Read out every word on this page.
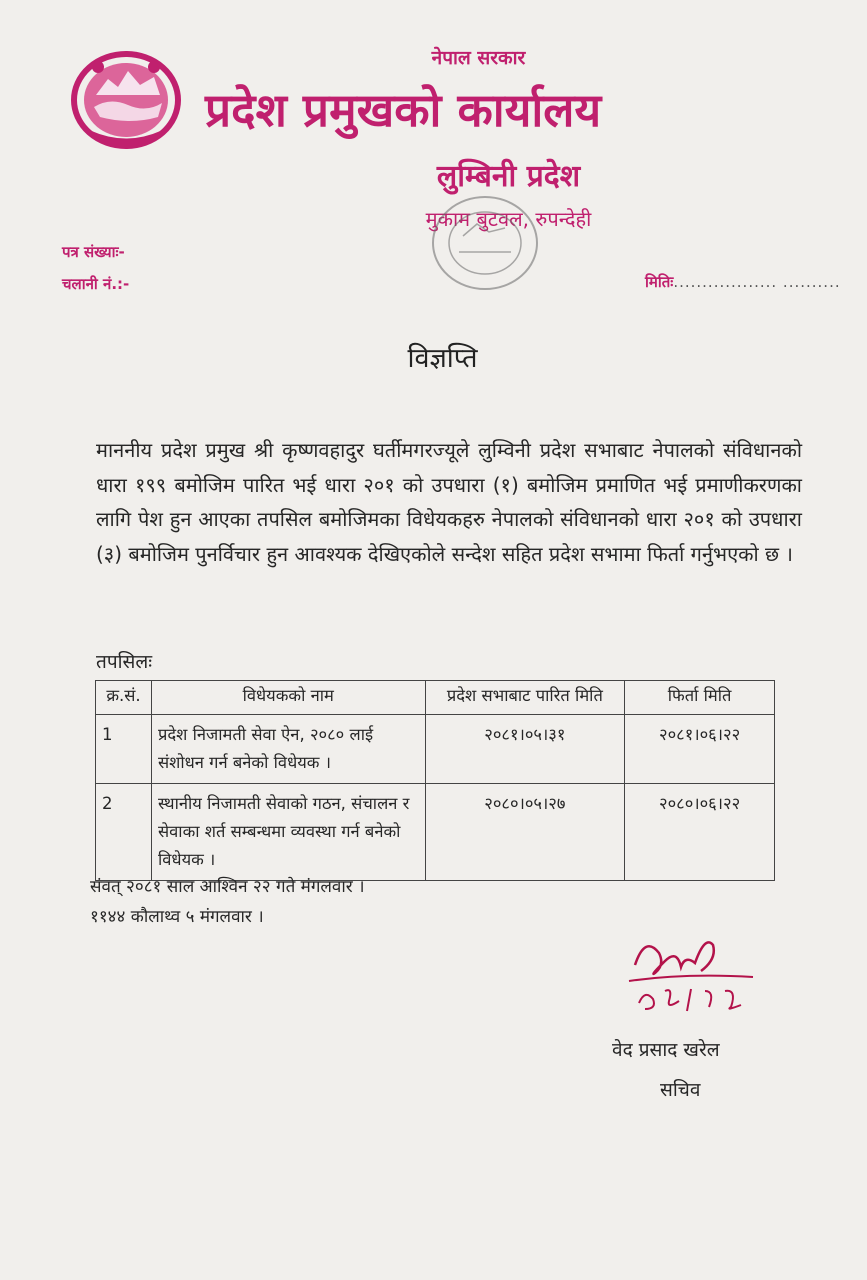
नेपाल सरकार
प्रदेश प्रमुखको कार्यालय
लुम्बिनी प्रदेश
मुकाम बुटवल, रुपन्देही
पत्र संख्याः-
चलानी नं.:-	मितिः.................. ..........
विज्ञप्ति
माननीय प्रदेश प्रमुख श्री कृष्णवहादुर घर्तीमगरज्यूले लुम्विनी प्रदेश सभाबाट नेपालको संविधानको धारा १९९ बमोजिम पारित भई धारा २०१ को उपधारा (१) बमोजिम प्रमाणित भई प्रमाणीकरणका लागि पेश हुन आएका तपसिल बमोजिमका विधेयकहरु नेपालको संविधानको धारा २०१ को उपधारा (३) बमोजिम पुनर्विचार हुन आवश्यक देखिएकोले सन्देश सहित प्रदेश सभामा फिर्ता गर्नुभएको छ ।
तपसिलः
क्र.सं.	विधेयकको नाम	प्रदेश सभाबाट पारित मिति	फिर्ता मिति
1	प्रदेश निजामती सेवा ऐन, २०८० लाई संशोधन गर्न बनेको विधेयक ।	२०८१।०५।३१	२०८१।०६।२२
2	स्थानीय निजामती सेवाको गठन, संचालन र सेवाका शर्त सम्बन्धमा व्यवस्था गर्न बनेको विधेयक ।	२०८०।०५।२७	२०८०।०६।२२
संवत् २०८१ साल आश्विन २२ गते मंगलवार ।
११४४ कौलाथ्व ५ मंगलवार ।
वेद प्रसाद खरेल
सचिव
